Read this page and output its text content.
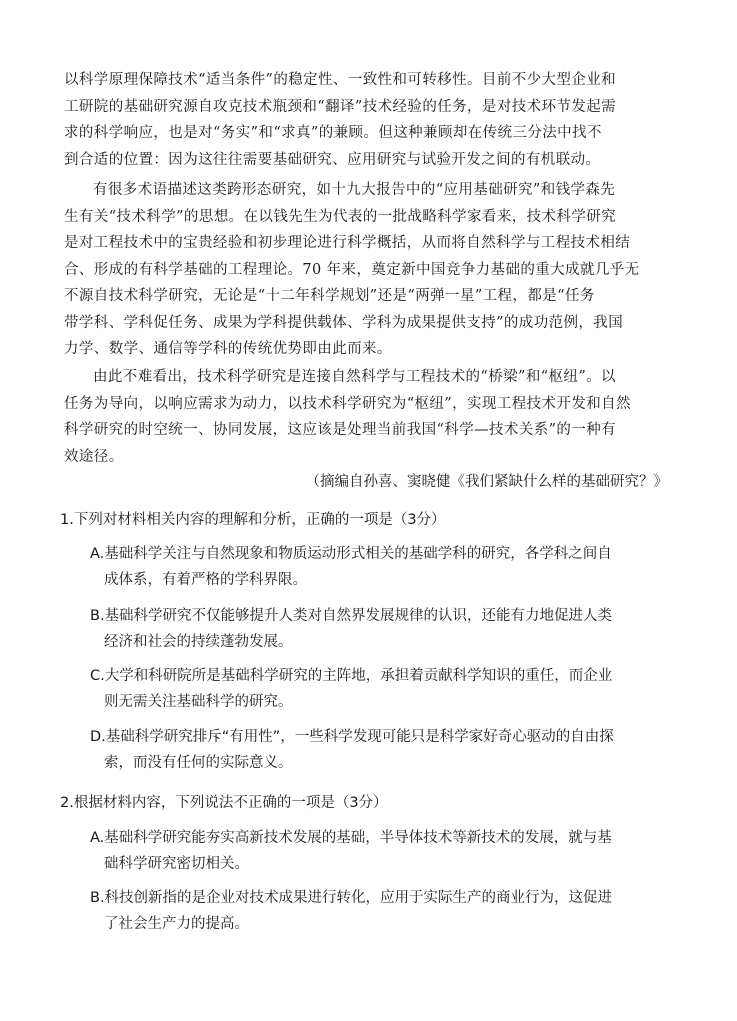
以科学原理保障技术“适当条件”的稳定性、一致性和可转移性。目前不少大型企业和
工研院的基础研究源自攻克技术瓶颈和“翻译”技术经验的任务，是对技术环节发起需
求的科学响应，也是对“务实”和“求真”的兼顾。但这种兼顾却在传统三分法中找不
到合适的位置：因为这往往需要基础研究、应用研究与试验开发之间的有机联动。
有很多术语描述这类跨形态研究，如十九大报告中的“应用基础研究”和钱学森先
生有关“技术科学”的思想。在以钱先生为代表的一批战略科学家看来，技术科学研究
是对工程技术中的宝贵经验和初步理论进行科学概括，从而将自然科学与工程技术相结
合、形成的有科学基础的工程理论。70 年来，奠定新中国竞争力基础的重大成就几乎无
不源自技术科学研究，无论是“十二年科学规划”还是“两弹一星”工程，都是“任务
带学科、学科促任务、成果为学科提供载体、学科为成果提供支持”的成功范例，我国
力学、数学、通信等学科的传统优势即由此而来。
由此不难看出，技术科学研究是连接自然科学与工程技术的“桥梁”和“枢纽”。以
任务为导向，以响应需求为动力，以技术科学研究为“枢纽”，实现工程技术开发和自然
科学研究的时空统一、协同发展，这应该是处理当前我国“科学—技术关系”的一种有
效途径。

（摘编自孙喜、窦晓健《我们紧缺什么样的基础研究？》

1.下列对材料相关内容的理解和分析，正确的一项是（3分）

A.基础科学关注与自然现象和物质运动形式相关的基础学科的研究，各学科之间自
成体系，有着严格的学科界限。
B.基础科学研究不仅能够提升人类对自然界发展规律的认识，还能有力地促进人类
经济和社会的持续蓬勃发展。
C.大学和科研院所是基础科学研究的主阵地，承担着贡献科学知识的重任，而企业
则无需关注基础科学的研究。
D.基础科学研究排斥“有用性”，一些科学发现可能只是科学家好奇心驱动的自由探
索，而没有任何的实际意义。

2.根据材料内容，下列说法不正确的一项是（3分）

A.基础科学研究能夯实高新技术发展的基础，半导体技术等新技术的发展，就与基
础科学研究密切相关。
B.科技创新指的是企业对技术成果进行转化，应用于实际生产的商业行为，这促进
了社会生产力的提高。
